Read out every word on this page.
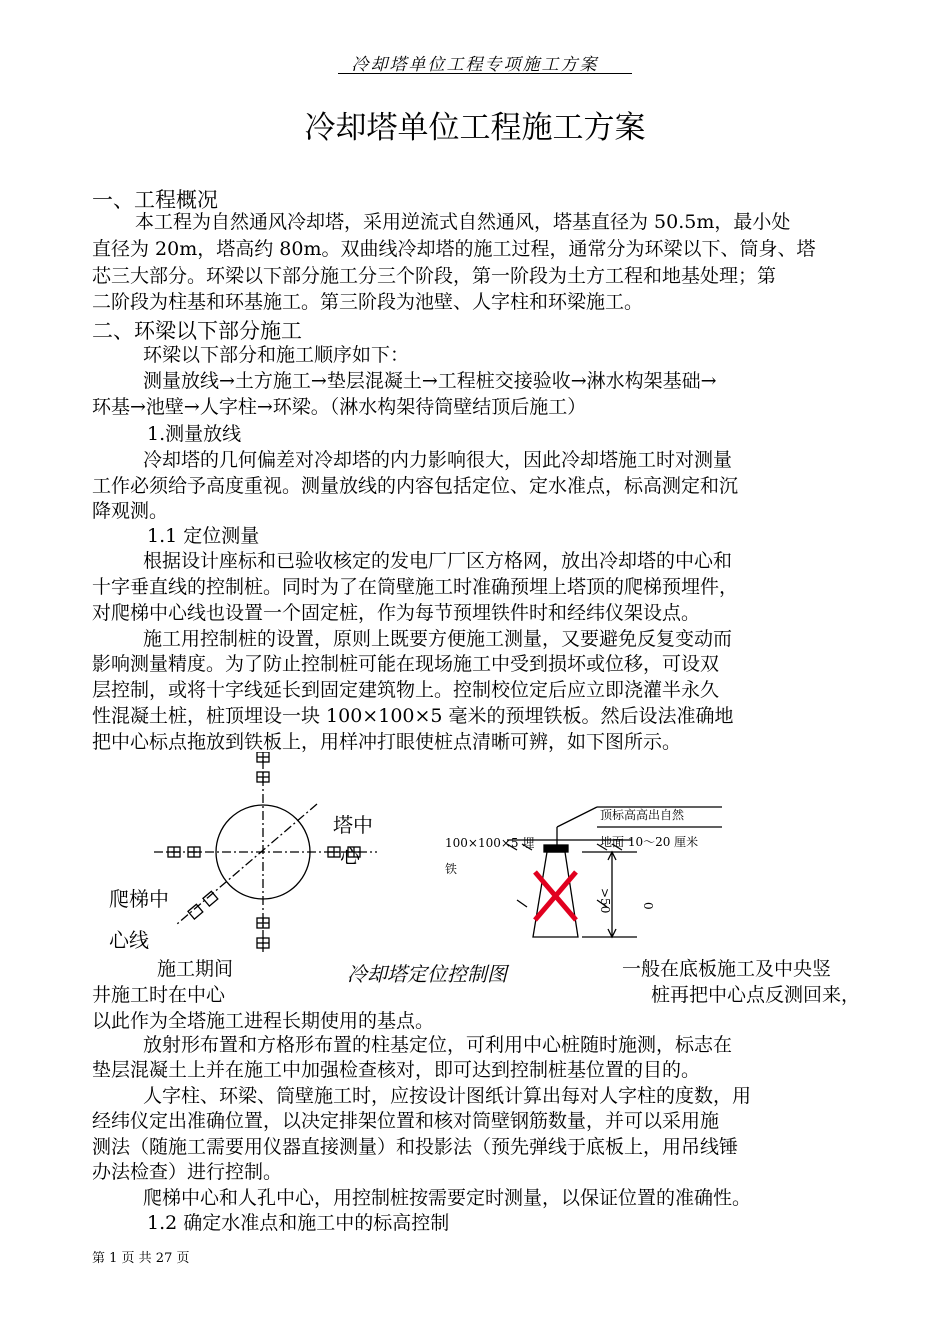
冷却塔单位工程专项施工方案
冷却塔单位工程施工方案
一、工程概况
本工程为自然通风冷却塔，采用逆流式自然通风，塔基直径为 50.5m，最小处
直径为 20m，塔高约 80m。双曲线冷却塔的施工过程，通常分为环梁以下、筒身、塔
芯三大部分。环梁以下部分施工分三个阶段，第一阶段为土方工程和地基处理；第
二阶段为柱基和环基施工。第三阶段为池壁、人字柱和环梁施工。
二、环梁以下部分施工
环梁以下部分和施工顺序如下：
测量放线→土方施工→垫层混凝土→工程桩交接验收→淋水构架基础→
环基→池壁→人字柱→环梁。（淋水构架待筒壁结顶后施工）
1.测量放线
冷却塔的几何偏差对冷却塔的内力影响很大，因此冷却塔施工时对测量
工作必须给予高度重视。测量放线的内容包括定位、定水准点，标高测定和沉
降观测。
1.1 定位测量
根据设计座标和已验收核定的发电厂厂区方格网，放出冷却塔的中心和
十字垂直线的控制桩。同时为了在筒壁施工时准确预埋上塔顶的爬梯预埋件，
对爬梯中心线也设置一个固定桩，作为每节预埋铁件时和经纬仪架设点。
施工用控制桩的设置，原则上既要方便施工测量，又要避免反复变动而
影响测量精度。为了防止控制桩可能在现场施工中受到损坏或位移，可设双
层控制，或将十字线延长到固定建筑物上。控制校位定后应立即浇灌半永久
性混凝土桩，桩顶埋设一块 100×100×5 毫米的预埋铁板。然后设法准确地
把中心标点拖放到铁板上，用样冲打眼使桩点清晰可辨，如下图所示。
塔中
心
爬梯中
心线
100×100×5 埋
铁
顶标高高出自然
地面 10～20 厘米
>50 0
冷却塔定位控制图
施工期间	一般在底板施工及中央竖
井施工时在中心	桩再把中心点反测回来，
以此作为全塔施工进程长期使用的基点。
放射形布置和方格形布置的柱基定位，可利用中心桩随时施测，标志在
垫层混凝土上并在施工中加强检查核对，即可达到控制桩基位置的目的。
人字柱、环梁、筒壁施工时，应按设计图纸计算出每对人字柱的度数，用
经纬仪定出准确位置，以决定排架位置和核对筒壁钢筋数量，并可以采用施
测法（随施工需要用仪器直接测量）和投影法（预先弹线于底板上，用吊线锤
办法检查）进行控制。
爬梯中心和人孔中心，用控制桩按需要定时测量，以保证位置的准确性。
1.2 确定水准点和施工中的标高控制
第 1 页 共 27 页
